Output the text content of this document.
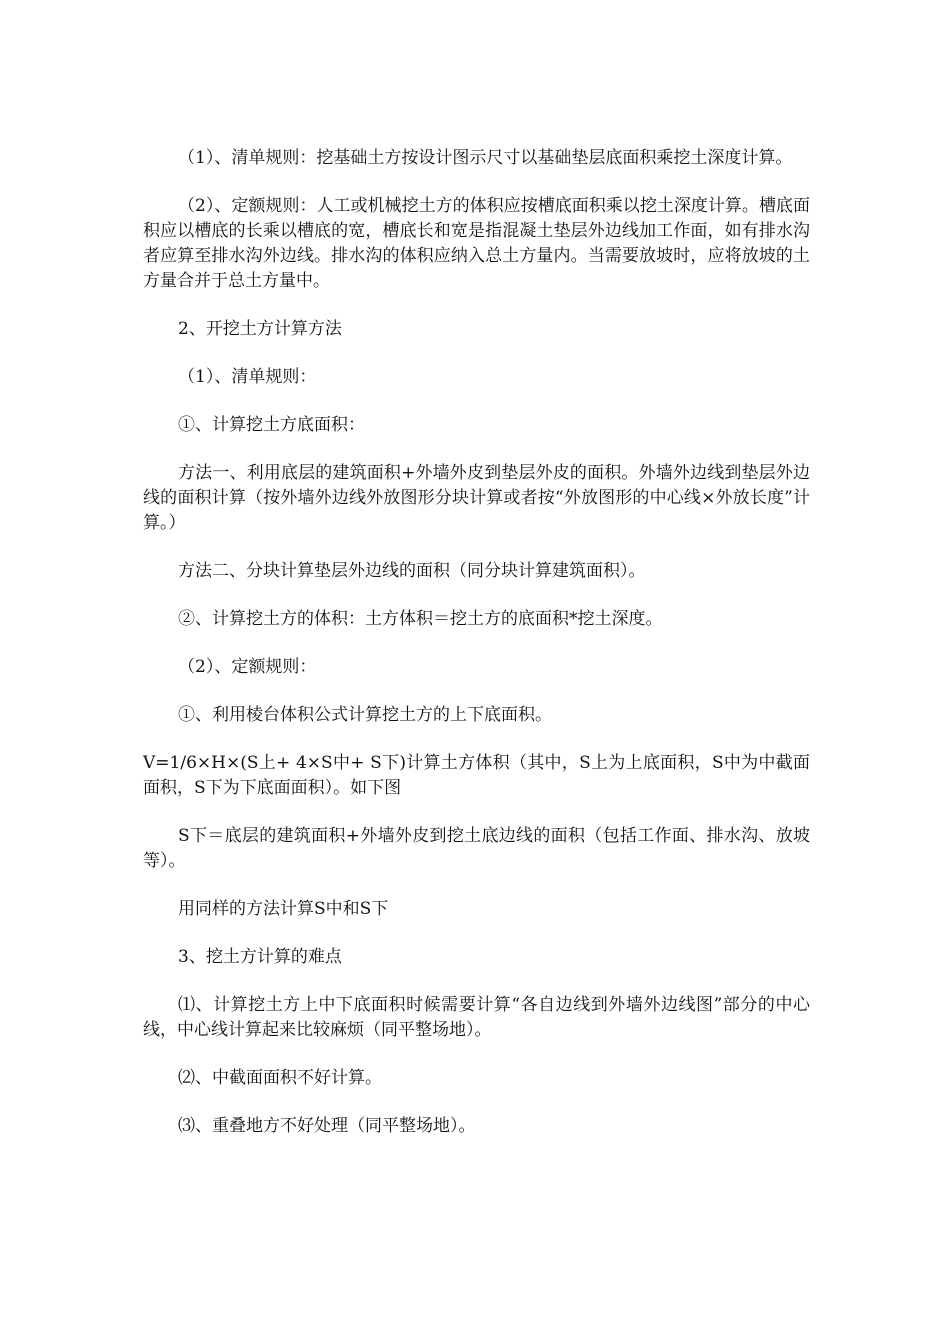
（1）、清单规则：挖基础土方按设计图示尺寸以基础垫层底面积乘挖土深度计算。

（2）、定额规则：人工或机械挖土方的体积应按槽底面积乘以挖土深度计算。槽底面积应以槽底的长乘以槽底的宽，槽底长和宽是指混凝土垫层外边线加工作面，如有排水沟者应算至排水沟外边线。排水沟的体积应纳入总土方量内。当需要放坡时，应将放坡的土方量合并于总土方量中。

2、开挖土方计算方法

（1）、清单规则：

①、计算挖土方底面积：

方法一、利用底层的建筑面积+外墙外皮到垫层外皮的面积。外墙外边线到垫层外边线的面积计算（按外墙外边线外放图形分块计算或者按“外放图形的中心线×外放长度”计算。）

方法二、分块计算垫层外边线的面积（同分块计算建筑面积）。

②、计算挖土方的体积：土方体积＝挖土方的底面积*挖土深度。

（2）、定额规则：

①、利用棱台体积公式计算挖土方的上下底面积。

V=1/6×H×(S上+ 4×S中+ S下)计算土方体积（其中，S上为上底面积，S中为中截面面积，S下为下底面面积）。如下图

S下＝底层的建筑面积+外墙外皮到挖土底边线的面积（包括工作面、排水沟、放坡等）。

用同样的方法计算S中和S下

3、挖土方计算的难点

⑴、计算挖土方上中下底面积时候需要计算“各自边线到外墙外边线图”部分的中心线，中心线计算起来比较麻烦（同平整场地）。

⑵、中截面面积不好计算。

⑶、重叠地方不好处理（同平整场地）。
